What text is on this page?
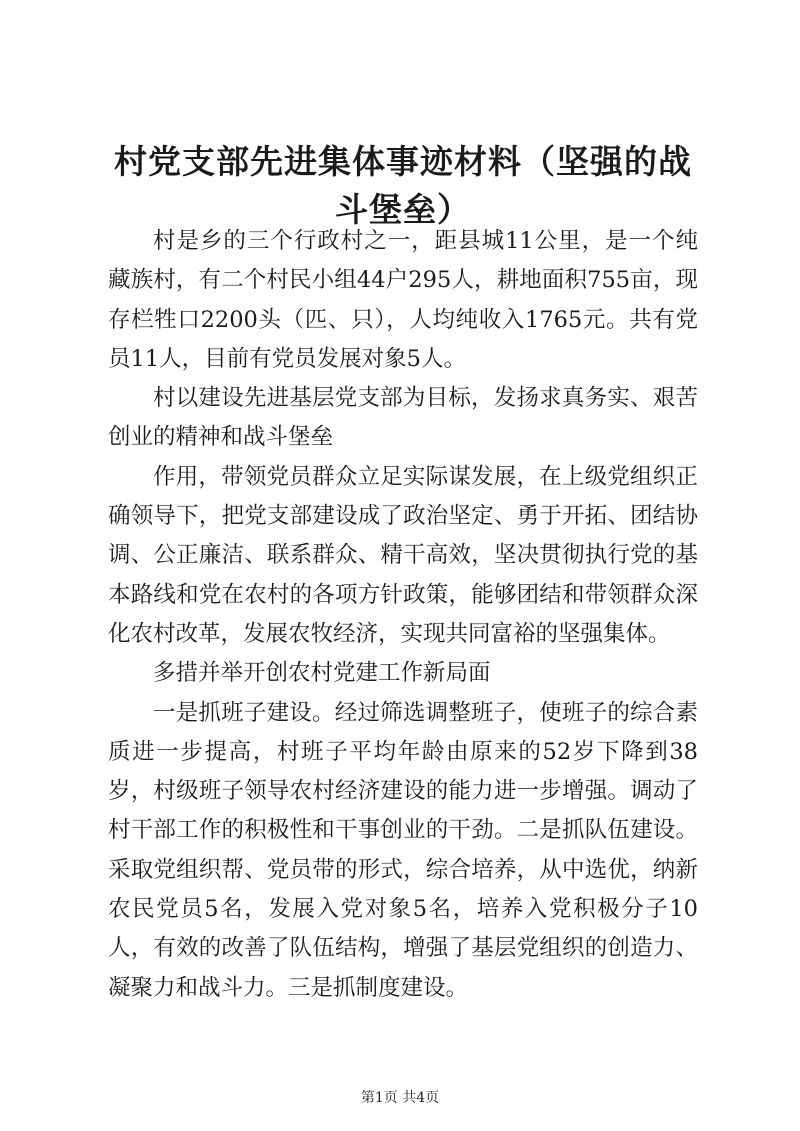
村党支部先进集体事迹材料（坚强的战斗堡垒）

村是乡的三个行政村之一，距县城11公里，是一个纯藏族村，有二个村民小组44户295人，耕地面积755亩，现存栏牲口2200头（匹、只），人均纯收入1765元。共有党员11人，目前有党员发展对象5人。

村以建设先进基层党支部为目标，发扬求真务实、艰苦创业的精神和战斗堡垒

作用，带领党员群众立足实际谋发展，在上级党组织正确领导下，把党支部建设成了政治坚定、勇于开拓、团结协调、公正廉洁、联系群众、精干高效，坚决贯彻执行党的基本路线和党在农村的各项方针政策，能够团结和带领群众深化农村改革，发展农牧经济，实现共同富裕的坚强集体。

多措并举开创农村党建工作新局面

一是抓班子建设。经过筛选调整班子，使班子的综合素质进一步提高，村班子平均年龄由原来的52岁下降到38岁，村级班子领导农村经济建设的能力进一步增强。调动了村干部工作的积极性和干事创业的干劲。二是抓队伍建设。采取党组织帮、党员带的形式，综合培养，从中选优，纳新农民党员5名，发展入党对象5名，培养入党积极分子10人，有效的改善了队伍结构，增强了基层党组织的创造力、凝聚力和战斗力。三是抓制度建设。

第1页 共4页
